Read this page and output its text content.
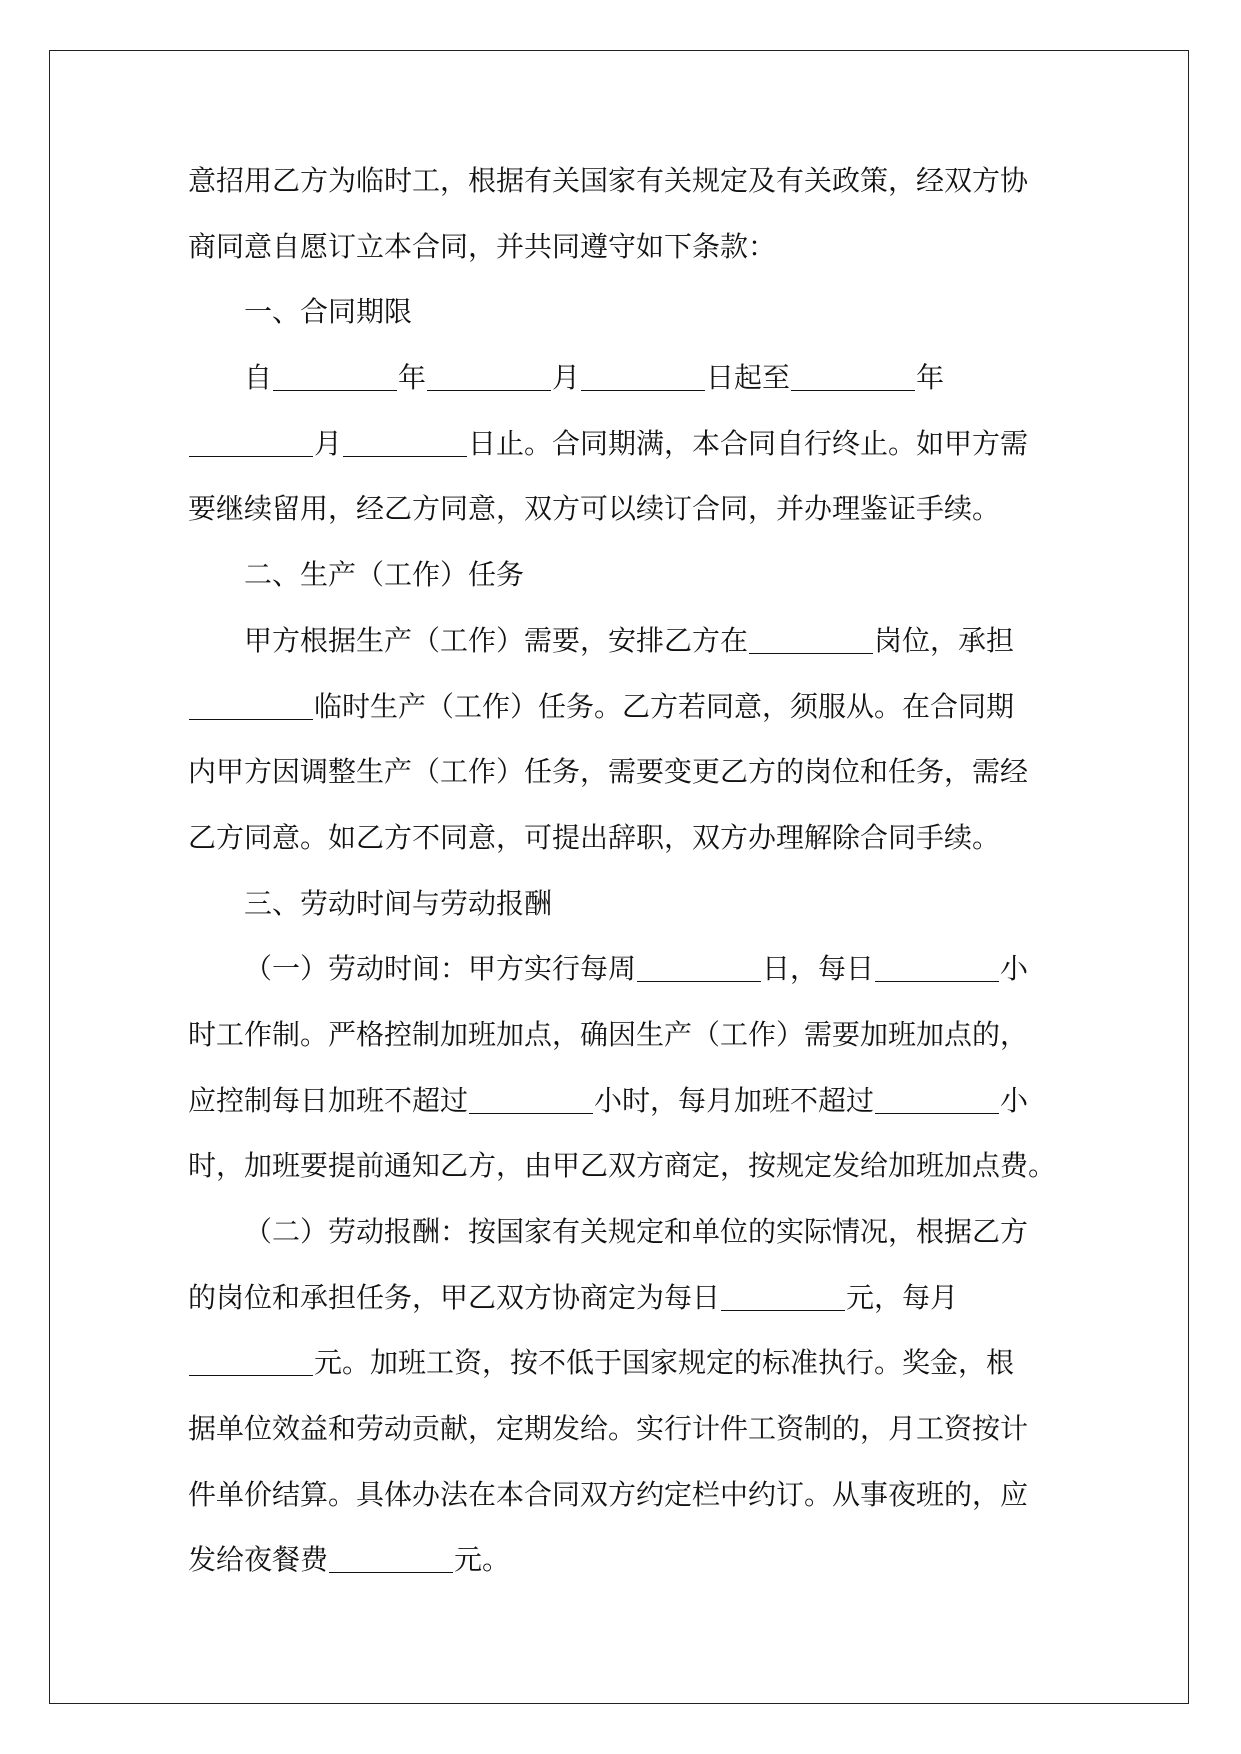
意招用乙方为临时工，根据有关国家有关规定及有关政策，经双方协
商同意自愿订立本合同，并共同遵守如下条款：
一、合同期限
自	年	月	日起至	年
月	日止。合同期满，本合同自行终止。如甲方需
要继续留用，经乙方同意，双方可以续订合同，并办理鉴证手续。
二、生产（工作）任务
甲方根据生产（工作）需要，安排乙方在	岗位，承担
临时生产（工作）任务。乙方若同意，须服从。在合同期
内甲方因调整生产（工作）任务，需要变更乙方的岗位和任务，需经
乙方同意。如乙方不同意，可提出辞职，双方办理解除合同手续。
三、劳动时间与劳动报酬
（一）劳动时间：甲方实行每周	日，每日	小
时工作制。严格控制加班加点，确因生产（工作）需要加班加点的，
应控制每日加班不超过	小时，每月加班不超过	小
时，加班要提前通知乙方，由甲乙双方商定，按规定发给加班加点费。
（二）劳动报酬：按国家有关规定和单位的实际情况，根据乙方
的岗位和承担任务，甲乙双方协商定为每日	元，每月
元。加班工资，按不低于国家规定的标准执行。奖金，根
据单位效益和劳动贡献，定期发给。实行计件工资制的，月工资按计
件单价结算。具体办法在本合同双方约定栏中约订。从事夜班的，应
发给夜餐费	元。
